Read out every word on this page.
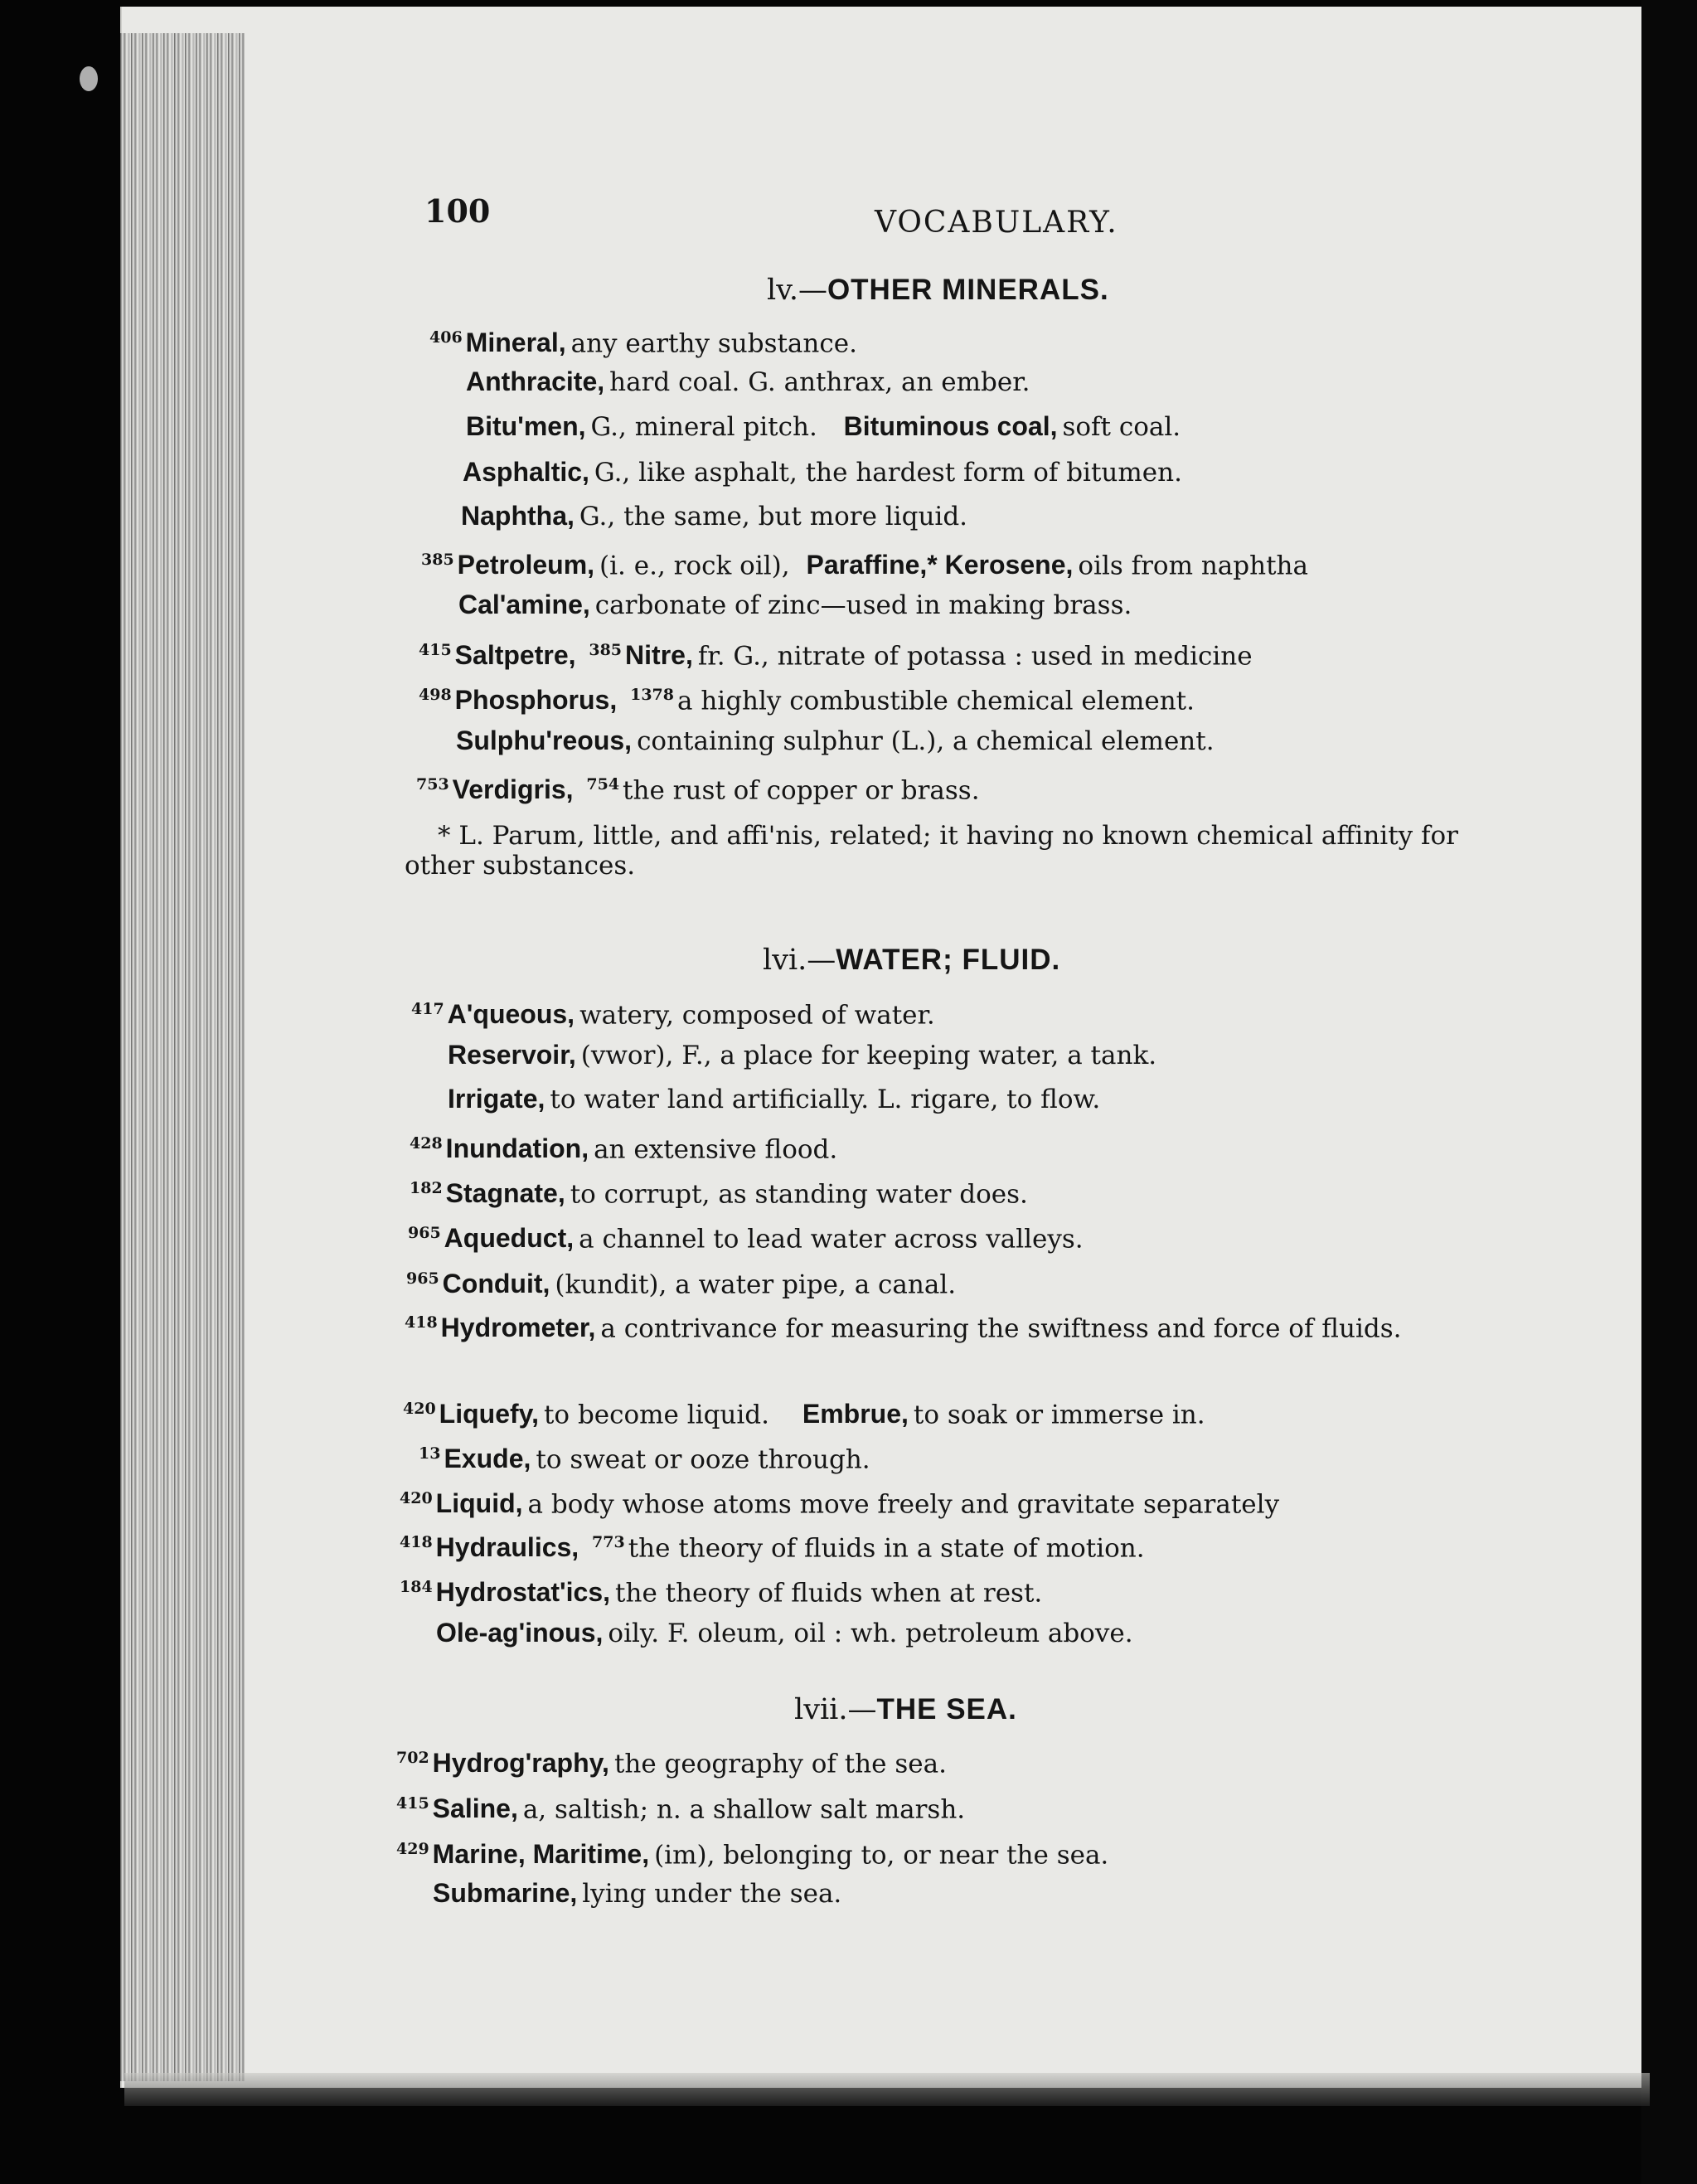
100	VOCABULARY.

lv.—OTHER MINERALS.

$^{406}$ Mineral, any earthy substance.
Anthracite, hard coal. G. anthrax, an ember.
Bitu'men, G., mineral pitch. Bituminous coal, soft coal.
Asphaltic, G., like asphalt, the hardest form of bitumen.
Naphtha, G., the same, but more liquid.
$^{385}$ Petroleum, (i. e., rock oil), Paraffine,* Kerosene, oils from naphtha
Cal'amine, carbonate of zinc—used in making brass.
$^{415}$ Saltpetre, $^{385}$ Nitre, fr. G., nitrate of potassa : used in medicine
$^{498}$ Phosphorus, $^{1378}$ a highly combustible chemical element.
Sulphu'reous, containing sulphur (L.), a chemical element.
$^{753}$ Verdigris, $^{754}$ the rust of copper or brass.
* L. Parum, little, and affi'nis, related; it having no known chemical affinity for other substances.

lvi.—WATER; FLUID.

$^{417}$ A'queous, watery, composed of water.
Reservoir, (vwor), F., a place for keeping water, a tank.
Irrigate, to water land artificially. L. rigare, to flow.
$^{428}$ Inundation, an extensive flood.
$^{182}$ Stagnate, to corrupt, as standing water does.
$^{965}$ Aqueduct, a channel to lead water across valleys.
$^{965}$ Conduit, (kundit), a water pipe, a canal.
$^{418}$ Hydrometer, a contrivance for measuring the swiftness and force of fluids.
$^{420}$ Liquefy, to become liquid. Embrue, to soak or immerse in.
$^{13}$ Exude, to sweat or ooze through.
$^{420}$ Liquid, a body whose atoms move freely and gravitate separately
$^{418}$ Hydraulics, $^{773}$ the theory of fluids in a state of motion.
$^{184}$ Hydrostat'ics, the theory of fluids when at rest.
Ole-ag'inous, oily. F. oleum, oil : wh. petroleum above.

lvii.—THE SEA.

$^{702}$ Hydrog'raphy, the geography of the sea.
$^{415}$ Saline, a, saltish; n. a shallow salt marsh.
$^{429}$ Marine, Maritime, (im), belonging to, or near the sea.
Submarine, lying under the sea.
